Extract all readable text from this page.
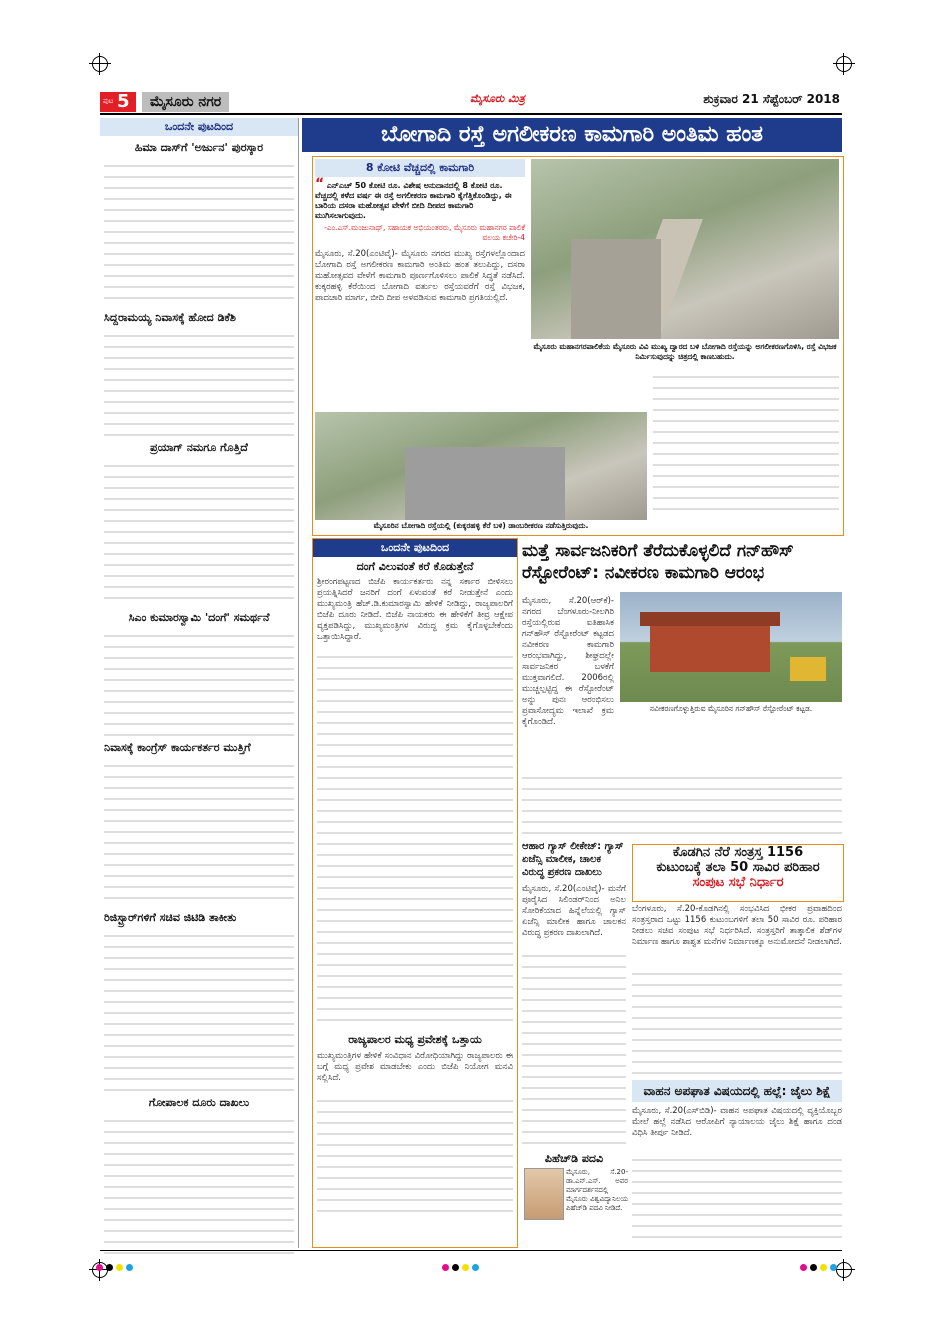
ಪುಟ 5	ಮೈಸೂರು ನಗರ	ಮೈಸೂರು ಮಿತ್ರ	ಶುಕ್ರವಾರ 21 ಸೆಪ್ಟೆಂಬರ್ 2018
ಒಂದನೇ ಪುಟದಿಂದ
ಹಿಮಾ ದಾಸ್‌ಗೆ 'ಅರ್ಜುನ' ಪುರಸ್ಕಾರ
ಸಿದ್ದರಾಮಯ್ಯ ನಿವಾಸಕ್ಕೆ ಹೋದ ಡಿಕೆಶಿ
ಪ್ರಯಾಗ್‌ ನಮಗೂ ಗೊತ್ತಿದೆ
ಸಿಎಂ ಕುಮಾರಸ್ವಾಮಿ 'ದಂಗೆ' ಸಮರ್ಥನೆ
ನಿವಾಸಕ್ಕೆ ಕಾಂಗ್ರೆಸ್ ಕಾರ್ಯಕರ್ತರ ಮುತ್ತಿಗೆ
ರಿಜಿಸ್ಟ್ರಾರ್‌ಗಳಿಗೆ ಸಚಿವ ಜಿಟಿಡಿ ತಾಕೀತು
ಗೋಪಾಲಕ ದೂರು ದಾಖಲು
ಬೋಗಾದಿ ರಸ್ತೆ ಅಗಲೀಕರಣ ಕಾಮಗಾರಿ ಅಂತಿಮ ಹಂತ
8 ಕೋಟಿ ವೆಚ್ಚದಲ್ಲಿ ಕಾಮಗಾರಿ
“ ಎನ್ಎಚ್ 50 ಕೋಟಿ ರೂ. ವಿಶೇಷ ಅನುದಾನದಲ್ಲಿ 8 ಕೋಟಿ ರೂ. ವೆಚ್ಚದಲ್ಲಿ ಕಳೆದ ವರ್ಷ ಈ ರಸ್ತೆ ಅಗಲೀಕರಣ ಕಾಮಗಾರಿ ಕೈಗೆತ್ತಿಕೊಂಡಿದ್ದು, ಈ ಬಾರಿಯ ದಸರಾ ಮಹೋತ್ಸವ ವೇಳೆಗೆ ಬೀದಿ ದೀಪದ ಕಾಮಗಾರಿ ಮುಗಿಸಲಾಗುವುದು.
-ಎಂ.ಎಸ್.ಮಂಜುನಾಥ್, ಸಹಾಯಕ ಅಭಿಯಂತರರು, ಮೈಸೂರು ಮಹಾನಗರ ಪಾಲಿಕೆ ವಲಯ ಕಚೇರಿ-4
ಮೈಸೂರು, ಸೆ.20(ಎಂಟಿವೈ)- ಮೈಸೂರು ನಗರದ ಮುಖ್ಯ ರಸ್ತೆಗಳಲ್ಲೊಂದಾದ ಬೋಗಾದಿ ರಸ್ತೆ ಅಗಲೀಕರಣ ಕಾಮಗಾರಿ ಅಂತಿಮ ಹಂತ ತಲುಪಿದ್ದು, ದಸರಾ ಮಹೋತ್ಸವದ ವೇಳೆಗೆ ಕಾಮಗಾರಿ ಪೂರ್ಣಗೊಳಿಸಲು ಪಾಲಿಕೆ ಸಿದ್ಧತೆ ನಡೆಸಿದೆ. ಕುಕ್ಕರಹಳ್ಳಿ ಕೆರೆಯಿಂದ ಬೋಗಾದಿ ವರ್ತುಲ ರಸ್ತೆಯವರೆಗೆ ರಸ್ತೆ ವಿಭಜಕ, ಪಾದಚಾರಿ ಮಾರ್ಗ, ಬೀದಿ ದೀಪ ಅಳವಡಿಸುವ ಕಾಮಗಾರಿ ಪ್ರಗತಿಯಲ್ಲಿದೆ.
ಮೈಸೂರು ಮಹಾನಗರಪಾಲಿಕೆಯ ಮೈಸೂರು ವಿವಿ ಮುಖ್ಯ ದ್ವಾರದ ಬಳಿ ಬೋಗಾದಿ ರಸ್ತೆಯನ್ನು ಅಗಲೀಕರಣಗೊಳಿಸಿ, ರಸ್ತೆ ವಿಭಜಕ ನಿರ್ಮಿಸುವುದನ್ನು ಚಿತ್ರದಲ್ಲಿ ಕಾಣಬಹುದು.
ಮೈಸೂರಿನ ಬೋಗಾದಿ ರಸ್ತೆಯಲ್ಲಿ (ಕುಕ್ಕರಹಳ್ಳಿ ಕೆರೆ ಬಳಿ) ಡಾಂಬರೀಕರಣ ನಡೆಸುತ್ತಿರುವುದು.
ಒಂದನೇ ಪುಟದಿಂದ
ದಂಗೆ ವಿಲುವಂತೆ ಕರೆ ಕೊಡುತ್ತೇನೆ
ಶ್ರೀರಂಗಪಟ್ಟಣದ ಬಿಜೆಪಿ ಕಾರ್ಯಕರ್ತರು ನನ್ನ ಸರ್ಕಾರ ಬೀಳಿಸಲು ಪ್ರಯತ್ನಿಸಿದರೆ ಜನರಿಗೆ ದಂಗೆ ಏಳುವಂತೆ ಕರೆ ನೀಡುತ್ತೇನೆ ಎಂದು ಮುಖ್ಯಮಂತ್ರಿ ಹೆಚ್.ಡಿ.ಕುಮಾರಸ್ವಾಮಿ ಹೇಳಿಕೆ ನೀಡಿದ್ದು, ರಾಜ್ಯಪಾಲರಿಗೆ ಬಿಜೆಪಿ ದೂರು ನೀಡಿದೆ. ಬಿಜೆಪಿ ನಾಯಕರು ಈ ಹೇಳಿಕೆಗೆ ತೀವ್ರ ಆಕ್ಷೇಪ ವ್ಯಕ್ತಪಡಿಸಿದ್ದು, ಮುಖ್ಯಮಂತ್ರಿಗಳ ವಿರುದ್ಧ ಕ್ರಮ ಕೈಗೊಳ್ಳಬೇಕೆಂದು ಒತ್ತಾಯಿಸಿದ್ದಾರೆ.
ರಾಜ್ಯಪಾಲರ ಮಧ್ಯ ಪ್ರವೇಶಕ್ಕೆ ಒತ್ತಾಯ
ಮುಖ್ಯಮಂತ್ರಿಗಳ ಹೇಳಿಕೆ ಸಂವಿಧಾನ ವಿರೋಧಿಯಾಗಿದ್ದು ರಾಜ್ಯಪಾಲರು ಈ ಬಗ್ಗೆ ಮಧ್ಯ ಪ್ರವೇಶ ಮಾಡಬೇಕು ಎಂದು ಬಿಜೆಪಿ ನಿಯೋಗ ಮನವಿ ಸಲ್ಲಿಸಿದೆ.
ಮತ್ತೆ ಸಾರ್ವಜನಿಕರಿಗೆ ತೆರೆದುಕೊಳ್ಳಲಿದೆ ಗನ್‌ಹೌಸ್ ರೆಸ್ಟೋರೆಂಟ್: ನವೀಕರಣ ಕಾಮಗಾರಿ ಆರಂಭ
ನವೀಕರಣಗೊಳ್ಳುತ್ತಿರುವ ಮೈಸೂರಿನ ಗನ್‌ಹೌಸ್ ರೆಸ್ಟೋರೆಂಟ್ ಕಟ್ಟಡ.
ಮೈಸೂರು, ಸೆ.20(ಆರ್‌ಕೆ)- ನಗರದ ಬೆಂಗಳೂರು-ನೀಲಗಿರಿ ರಸ್ತೆಯಲ್ಲಿರುವ ಐತಿಹಾಸಿಕ ಗನ್‌ಹೌಸ್ ರೆಸ್ಟೋರೆಂಟ್ ಕಟ್ಟಡದ ನವೀಕರಣ ಕಾಮಗಾರಿ ಆರಂಭವಾಗಿದ್ದು, ಶೀಘ್ರದಲ್ಲೇ ಸಾರ್ವಜನಿಕರ ಬಳಕೆಗೆ ಮುಕ್ತವಾಗಲಿದೆ. 2006ರಲ್ಲಿ ಮುಚ್ಚಲ್ಪಟ್ಟಿದ್ದ ಈ ರೆಸ್ಟೋರೆಂಟ್ ಅನ್ನು ಪುನಃ ಆರಂಭಿಸಲು ಪ್ರವಾಸೋದ್ಯಮ ಇಲಾಖೆ ಕ್ರಮ ಕೈಗೊಂಡಿದೆ.
ಆಹಾರ ಗ್ಯಾಸ್ ಲೀಕೇಜ್: ಗ್ಯಾಸ್ ಏಜೆನ್ಸಿ ಮಾಲೀಕ, ಚಾಲಕ ವಿರುದ್ಧ ಪ್ರಕರಣ ದಾಖಲು
ಮೈಸೂರು, ಸೆ.20(ಎಂಟಿವೈ)- ಮನೆಗೆ ಪೂರೈಸಿದ ಸಿಲಿಂಡರ್‌ನಿಂದ ಅನಿಲ ಸೋರಿಕೆಯಾದ ಹಿನ್ನೆಲೆಯಲ್ಲಿ ಗ್ಯಾಸ್ ಏಜೆನ್ಸಿ ಮಾಲೀಕ ಹಾಗೂ ಚಾಲಕನ ವಿರುದ್ಧ ಪ್ರಕರಣ ದಾಖಲಾಗಿದೆ.
ಪಿಹೆಚ್‌ಡಿ ಪದವಿ
ಮೈಸೂರು, ಸೆ.20- ಡಾ.ಎನ್.ಎಸ್. ಅವರ ಮಾರ್ಗದರ್ಶನದಲ್ಲಿ ಮೈಸೂರು ವಿಶ್ವವಿದ್ಯಾನಿಲಯ ಪಿಹೆಚ್‌ಡಿ ಪದವಿ ನೀಡಿದೆ.
ಕೊಡಗಿನ ನೆರೆ ಸಂತ್ರಸ್ತ 1156
ಕುಟುಂಬಕ್ಕೆ ತಲಾ 50 ಸಾವಿರ ಪರಿಹಾರ
ಸಂಪುಟ ಸಭೆ ನಿರ್ಧಾರ
ಬೆಂಗಳೂರು, ಸೆ.20-ಕೊಡಗಿನಲ್ಲಿ ಸಂಭವಿಸಿದ ಭೀಕರ ಪ್ರವಾಹದಿಂದ ಸಂತ್ರಸ್ತರಾದ ಒಟ್ಟು 1156 ಕುಟುಂಬಗಳಿಗೆ ತಲಾ 50 ಸಾವಿರ ರೂ. ಪರಿಹಾರ ನೀಡಲು ಸಚಿವ ಸಂಪುಟ ಸಭೆ ನಿರ್ಧರಿಸಿದೆ. ಸಂತ್ರಸ್ತರಿಗೆ ತಾತ್ಕಾಲಿಕ ಶೆಡ್‌ಗಳ ನಿರ್ಮಾಣ ಹಾಗೂ ಶಾಶ್ವತ ಮನೆಗಳ ನಿರ್ಮಾಣಕ್ಕೂ ಅನುಮೋದನೆ ನೀಡಲಾಗಿದೆ.
ವಾಹನ ಅಪಘಾತ ವಿಷಯದಲ್ಲಿ ಹಲ್ಲೆ: ಜೈಲು ಶಿಕ್ಷೆ
ಮೈಸೂರು, ಸೆ.20(ಎಸ್‌ಬಿಡಿ)- ವಾಹನ ಅಪಘಾತ ವಿಷಯದಲ್ಲಿ ವ್ಯಕ್ತಿಯೊಬ್ಬರ ಮೇಲೆ ಹಲ್ಲೆ ನಡೆಸಿದ ಆರೋಪಿಗೆ ನ್ಯಾಯಾಲಯ ಜೈಲು ಶಿಕ್ಷೆ ಹಾಗೂ ದಂಡ ವಿಧಿಸಿ ತೀರ್ಪು ನೀಡಿದೆ.
